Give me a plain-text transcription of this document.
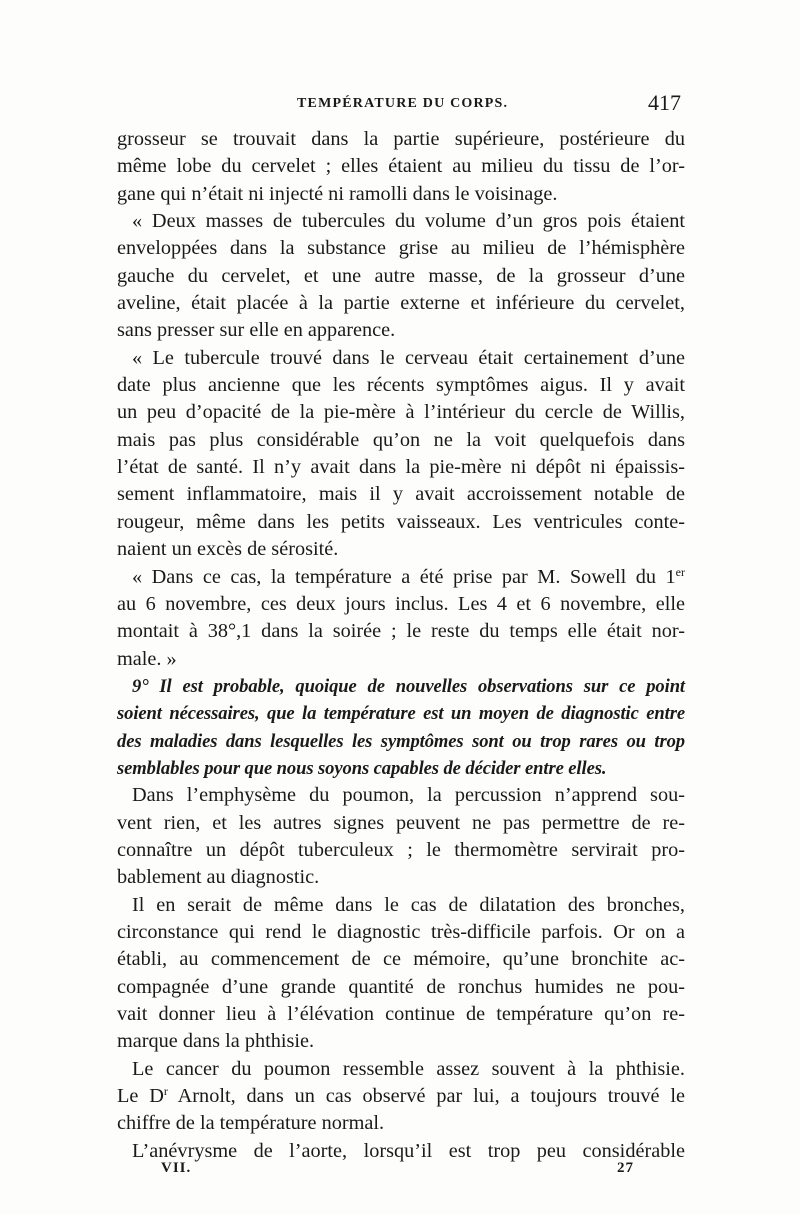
TEMPÉRATURE DU CORPS.	417
grosseur se trouvait dans la partie supérieure, postérieure du
même lobe du cervelet ; elles étaient au milieu du tissu de l’or-
gane qui n’était ni injecté ni ramolli dans le voisinage.
« Deux masses de tubercules du volume d’un gros pois étaient
enveloppées dans la substance grise au milieu de l’hémisphère
gauche du cervelet, et une autre masse, de la grosseur d’une
aveline, était placée à la partie externe et inférieure du cervelet,
sans presser sur elle en apparence.
« Le tubercule trouvé dans le cerveau était certainement d’une
date plus ancienne que les récents symptômes aigus. Il y avait
un peu d’opacité de la pie-mère à l’intérieur du cercle de Willis,
mais pas plus considérable qu’on ne la voit quelquefois dans
l’état de santé. Il n’y avait dans la pie-mère ni dépôt ni épaissis-
sement inflammatoire, mais il y avait accroissement notable de
rougeur, même dans les petits vaisseaux. Les ventricules conte-
naient un excès de sérosité.
« Dans ce cas, la température a été prise par M. Sowell du 1er
au 6 novembre, ces deux jours inclus. Les 4 et 6 novembre, elle
montait à 38°,1 dans la soirée ; le reste du temps elle était nor-
male. »
9° Il est probable, quoique de nouvelles observations sur ce point
soient nécessaires, que la température est un moyen de diagnostic entre
des maladies dans lesquelles les symptômes sont ou trop rares ou trop
semblables pour que nous soyons capables de décider entre elles.
Dans l’emphysème du poumon, la percussion n’apprend sou-
vent rien, et les autres signes peuvent ne pas permettre de re-
connaître un dépôt tuberculeux ; le thermomètre servirait pro-
bablement au diagnostic.
Il en serait de même dans le cas de dilatation des bronches,
circonstance qui rend le diagnostic très-difficile parfois. Or on a
établi, au commencement de ce mémoire, qu’une bronchite ac-
compagnée d’une grande quantité de ronchus humides ne pou-
vait donner lieu à l’élévation continue de température qu’on re-
marque dans la phthisie.
Le cancer du poumon ressemble assez souvent à la phthisie.
Le $D^r$ Arnolt, dans un cas observé par lui, a toujours trouvé le
chiffre de la température normal.
L’anévrysme de l’aorte, lorsqu’il est trop peu considérable
VII.	27
